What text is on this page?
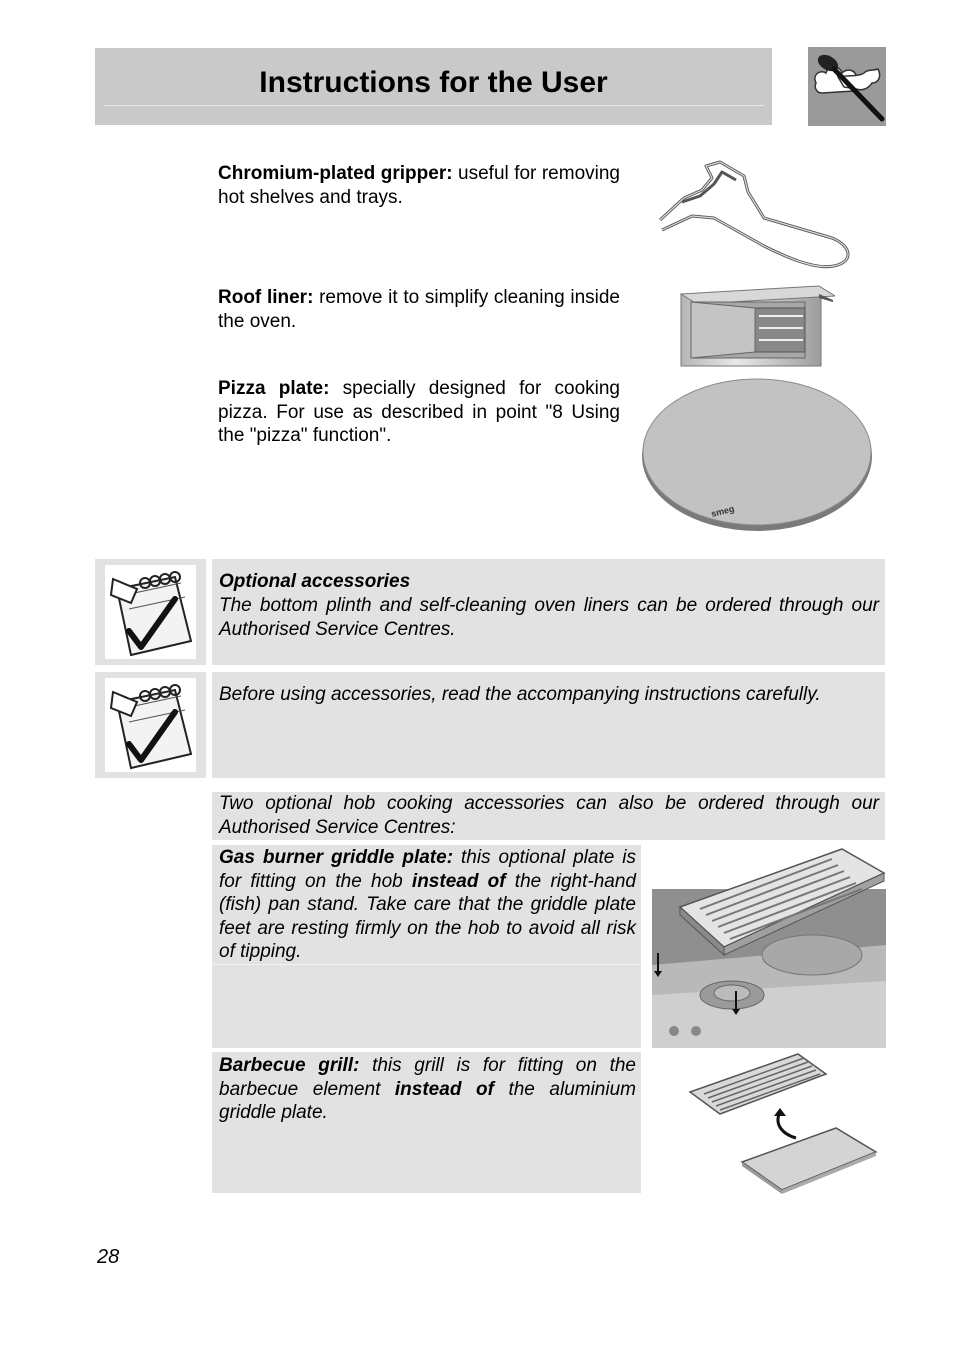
Instructions for the User
Chromium-plated gripper: useful for removing hot shelves and trays.
Roof liner: remove it to simplify cleaning inside the oven.
Pizza plate: specially designed for cooking pizza. For use as described in point "8 Using the "pizza" function".
smeg
Optional accessories
The bottom plinth and self-cleaning oven liners can be ordered through our Authorised Service Centres.
Before using accessories, read the accompanying instructions carefully.
Two optional hob cooking accessories can also be ordered through our Authorised Service Centres:
Gas burner griddle plate: this optional plate is for fitting on the hob instead of the right-hand (fish) pan stand. Take care that the griddle plate feet are resting firmly on the hob to avoid all risk of tipping.
Barbecue grill: this grill is for fitting on the barbecue element instead of the aluminium griddle plate.
28
